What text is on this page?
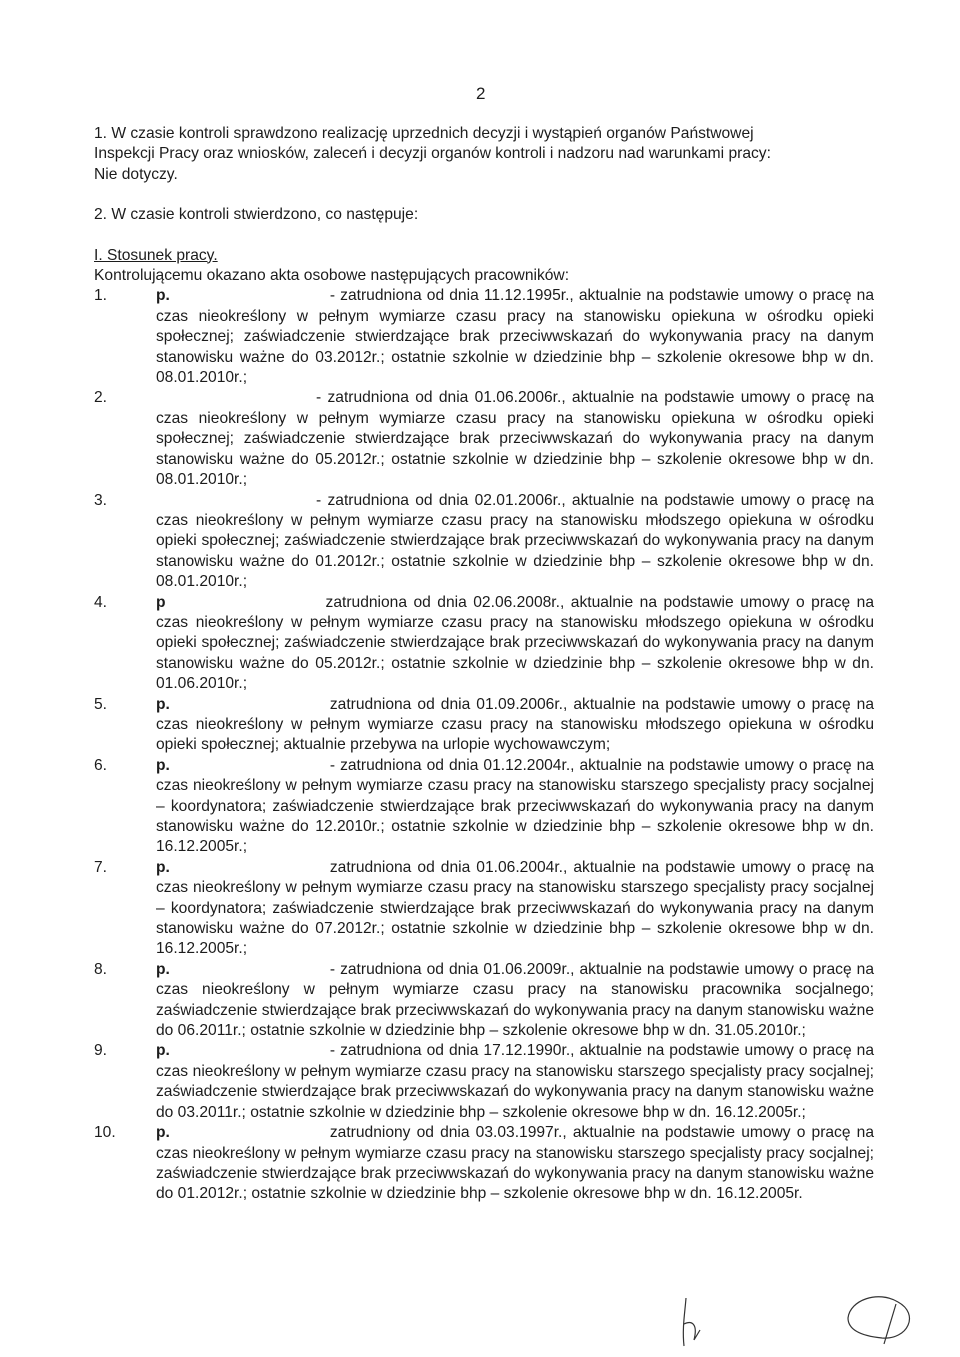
2

1. W czasie kontroli sprawdzono realizację uprzednich decyzji i wystąpień organów Państwowej

Inspekcji Pracy oraz wniosków, zaleceń i decyzji organów kontroli i nadzoru nad warunkami pracy:

Nie dotyczy.

2. W czasie kontroli stwierdzono, co następuje:

I. Stosunek pracy.

Kontrolującemu okazano akta osobowe następujących pracowników:

1.	p.	- zatrudniona od dnia 11.12.1995r., aktualnie na podstawie umowy o pracę na czas nieokreślony w pełnym wymiarze czasu pracy na stanowisku opiekuna w ośrodku opieki społecznej; zaświadczenie stwierdzające brak przeciwwskazań do wykonywania pracy na danym stanowisku ważne do 03.2012r.; ostatnie szkolnie w dziedzinie bhp – szkolenie okresowe bhp w dn. 08.01.2010r.;
2.	- zatrudniona od dnia 01.06.2006r., aktualnie na podstawie umowy o pracę na czas nieokreślony w pełnym wymiarze czasu pracy na stanowisku opiekuna w ośrodku opieki społecznej; zaświadczenie stwierdzające brak przeciwwskazań do wykonywania pracy na danym stanowisku ważne do 05.2012r.; ostatnie szkolnie w dziedzinie bhp – szkolenie okresowe bhp w dn. 08.01.2010r.;
3.	- zatrudniona od dnia 02.01.2006r., aktualnie na podstawie umowy o pracę na czas nieokreślony w pełnym wymiarze czasu pracy na stanowisku młodszego opiekuna w ośrodku opieki społecznej; zaświadczenie stwierdzające brak przeciwwskazań do wykonywania pracy na danym stanowisku ważne do 01.2012r.; ostatnie szkolnie w dziedzinie bhp – szkolenie okresowe bhp w dn. 08.01.2010r.;
4.	p	zatrudniona od dnia 02.06.2008r., aktualnie na podstawie umowy o pracę na czas nieokreślony w pełnym wymiarze czasu pracy na stanowisku młodszego opiekuna w ośrodku opieki społecznej; zaświadczenie stwierdzające brak przeciwwskazań do wykonywania pracy na danym stanowisku ważne do 05.2012r.; ostatnie szkolnie w dziedzinie bhp – szkolenie okresowe bhp w dn. 01.06.2010r.;
5.	p.	zatrudniona od dnia 01.09.2006r., aktualnie na podstawie umowy o pracę na czas nieokreślony w pełnym wymiarze czasu pracy na stanowisku młodszego opiekuna w ośrodku opieki społecznej; aktualnie przebywa na urlopie wychowawczym;
6.	p.	- zatrudniona od dnia 01.12.2004r., aktualnie na podstawie umowy o pracę na czas nieokreślony w pełnym wymiarze czasu pracy na stanowisku starszego specjalisty pracy socjalnej – koordynatora; zaświadczenie stwierdzające brak przeciwwskazań do wykonywania pracy na danym stanowisku ważne do 12.2010r.; ostatnie szkolnie w dziedzinie bhp – szkolenie okresowe bhp w dn. 16.12.2005r.;
7.	p.	zatrudniona od dnia 01.06.2004r., aktualnie na podstawie umowy o pracę na czas nieokreślony w pełnym wymiarze czasu pracy na stanowisku starszego specjalisty pracy socjalnej – koordynatora; zaświadczenie stwierdzające brak przeciwwskazań do wykonywania pracy na danym stanowisku ważne do 07.2012r.; ostatnie szkolnie w dziedzinie bhp – szkolenie okresowe bhp w dn. 16.12.2005r.;
8.	p.	- zatrudniona od dnia 01.06.2009r., aktualnie na podstawie umowy o pracę na czas nieokreślony w pełnym wymiarze czasu pracy na stanowisku pracownika socjalnego; zaświadczenie stwierdzające brak przeciwwskazań do wykonywania pracy na danym stanowisku ważne do 06.2011r.; ostatnie szkolnie w dziedzinie bhp – szkolenie okresowe bhp w dn. 31.05.2010r.;
9.	p.	- zatrudniona od dnia 17.12.1990r., aktualnie na podstawie umowy o pracę na czas nieokreślony w pełnym wymiarze czasu pracy na stanowisku starszego specjalisty pracy socjalnej; zaświadczenie stwierdzające brak przeciwwskazań do wykonywania pracy na danym stanowisku ważne do 03.2011r.; ostatnie szkolnie w dziedzinie bhp – szkolenie okresowe bhp w dn. 16.12.2005r.;
10.	p.	zatrudniony od dnia 03.03.1997r., aktualnie na podstawie umowy o pracę na czas nieokreślony w pełnym wymiarze czasu pracy na stanowisku starszego specjalisty pracy socjalnej; zaświadczenie stwierdzające brak przeciwwskazań do wykonywania pracy na danym stanowisku ważne do 01.2012r.; ostatnie szkolnie w dziedzinie bhp – szkolenie okresowe bhp w dn. 16.12.2005r.
